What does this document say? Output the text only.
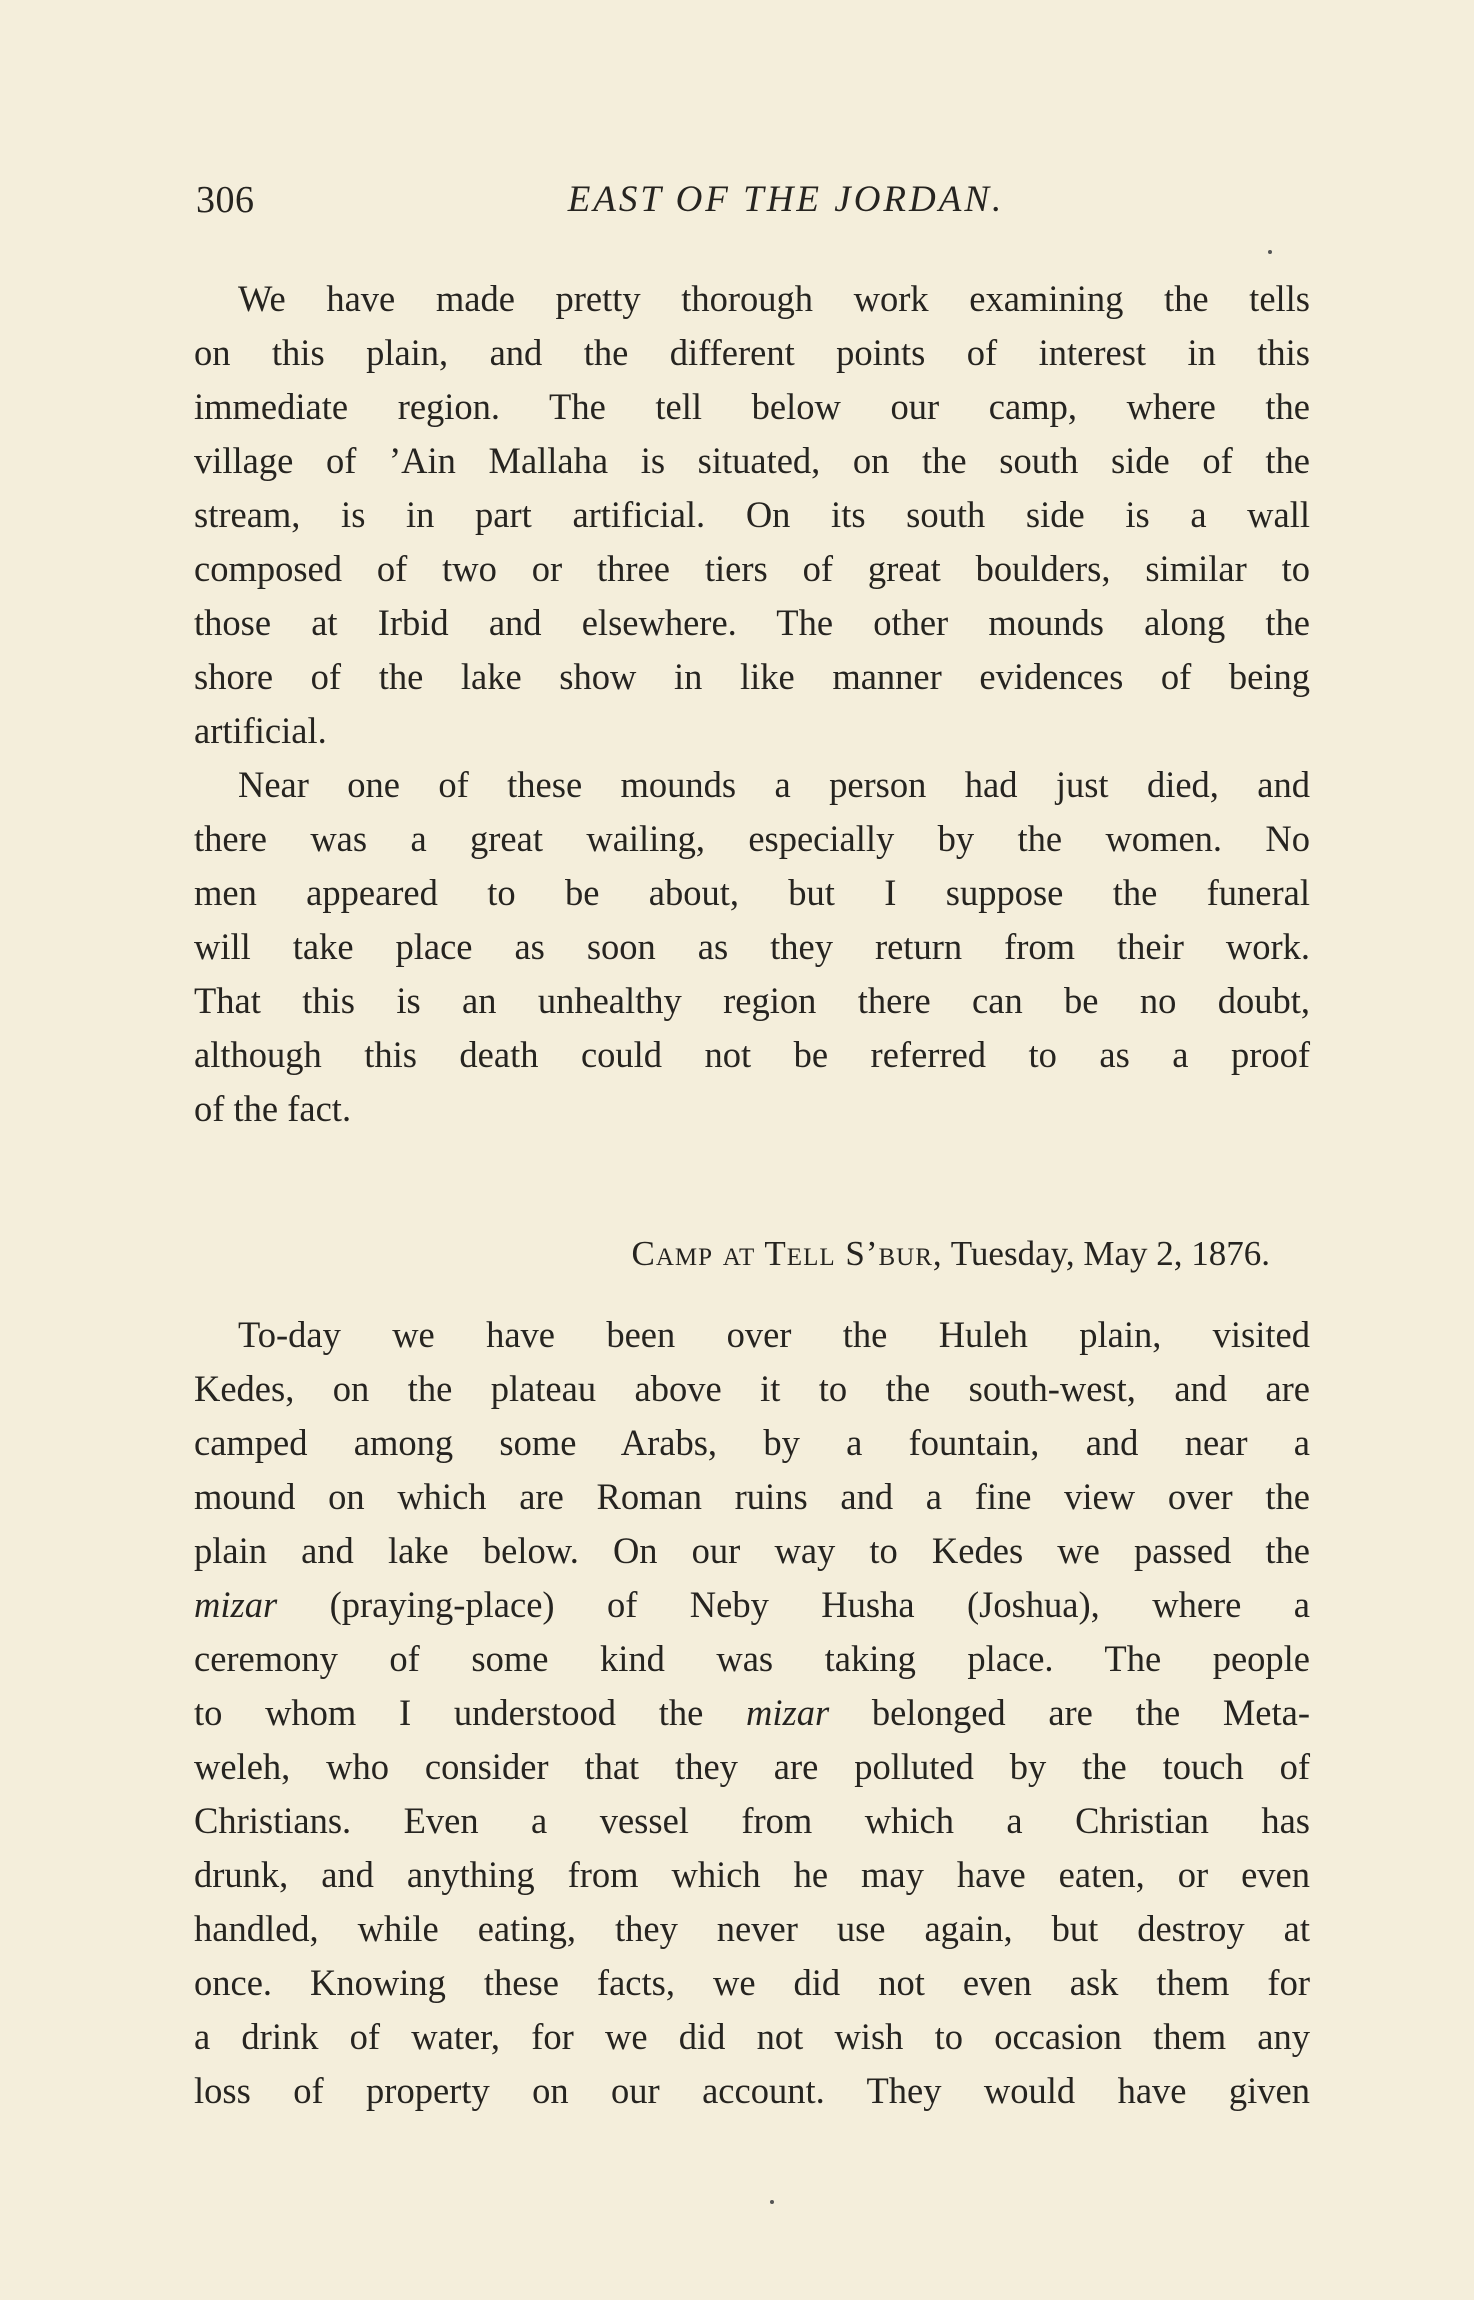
306	EAST OF THE JORDAN.
We have made pretty thorough work examining the tells
on this plain, and the different points of interest in this
immediate region. The tell below our camp, where the
village of ’Ain Mallaha is situated, on the south side of the
stream, is in part artificial. On its south side is a wall
composed of two or three tiers of great boulders, similar to
those at Irbid and elsewhere. The other mounds along the
shore of the lake show in like manner evidences of being
artificial.
Near one of these mounds a person had just died, and
there was a great wailing, especially by the women. No
men appeared to be about, but I suppose the funeral
will take place as soon as they return from their work.
That this is an unhealthy region there can be no doubt,
although this death could not be referred to as a proof
of the fact.
Camp at Tell S’bur, Tuesday, May 2, 1876.
To-day we have been over the Huleh plain, visited
Kedes, on the plateau above it to the south-west, and are
camped among some Arabs, by a fountain, and near a
mound on which are Roman ruins and a fine view over the
plain and lake below. On our way to Kedes we passed the
mizar (praying-place) of Neby Husha (Joshua), where a
ceremony of some kind was taking place. The people
to whom I understood the mizar belonged are the Meta-
weleh, who consider that they are polluted by the touch of
Christians. Even a vessel from which a Christian has
drunk, and anything from which he may have eaten, or even
handled, while eating, they never use again, but destroy at
once. Knowing these facts, we did not even ask them for
a drink of water, for we did not wish to occasion them any
loss of property on our account. They would have given
